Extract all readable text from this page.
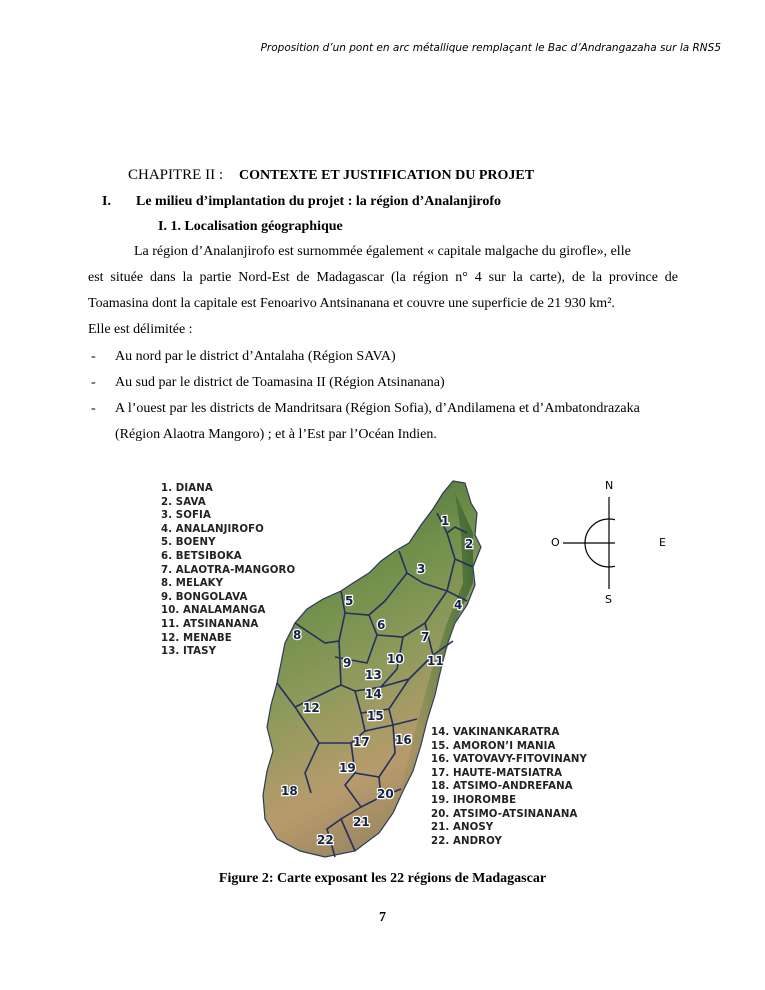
Proposition d’un pont en arc métallique remplaçant le Bac d’Andrangazaha sur la RNS5
CHAPITRE II : CONTEXTE ET JUSTIFICATION DU PROJET
I. Le milieu d’implantation du projet : la région d’Analanjirofo
I. 1. Localisation géographique
La région d’Analanjirofo est surnommée également « capitale malgache du girofle», elle
est située dans la partie Nord-Est de Madagascar (la région n° 4 sur la carte), de la province de
Toamasina dont la capitale est Fenoarivo Antsinanana et couvre une superficie de 21 930 km².
Elle est délimitée :
- Au nord par le district d’Antalaha (Région SAVA)
- Au sud par le district de Toamasina II (Région Atsinanana)
- A l’ouest par les districts de Mandritsara (Région Sofia), d’Andilamena et d’Ambatondrazaka
(Région Alaotra Mangoro) ; et à l’Est par l’Océan Indien.
1
2
3
4
5
6
7
8
9	10 11
12
13
14
15
16
17
18
19
20
21
22
1. DIANA
2. SAVA
3. SOFIA
4. ANALANJIROFO
5. BOENY
6. BETSIBOKA
7. ALAOTRA-MANGORO
8. MELAKY
9. BONGOLAVA
10. ANALAMANGA
11. ATSINANANA
12. MENABE
13. ITASY
14. VAKINANKARATRA
15. AMORON’I MANIA
16. VATOVAVY-FITOVINANY
17. HAUTE-MATSIATRA
18. ATSIMO-ANDREFANA
19. IHOROMBE
20. ATSIMO-ATSINANANA
21. ANOSY
22. ANDROY
N
S
O	E
Figure 2: Carte exposant les 22 régions de Madagascar
7
